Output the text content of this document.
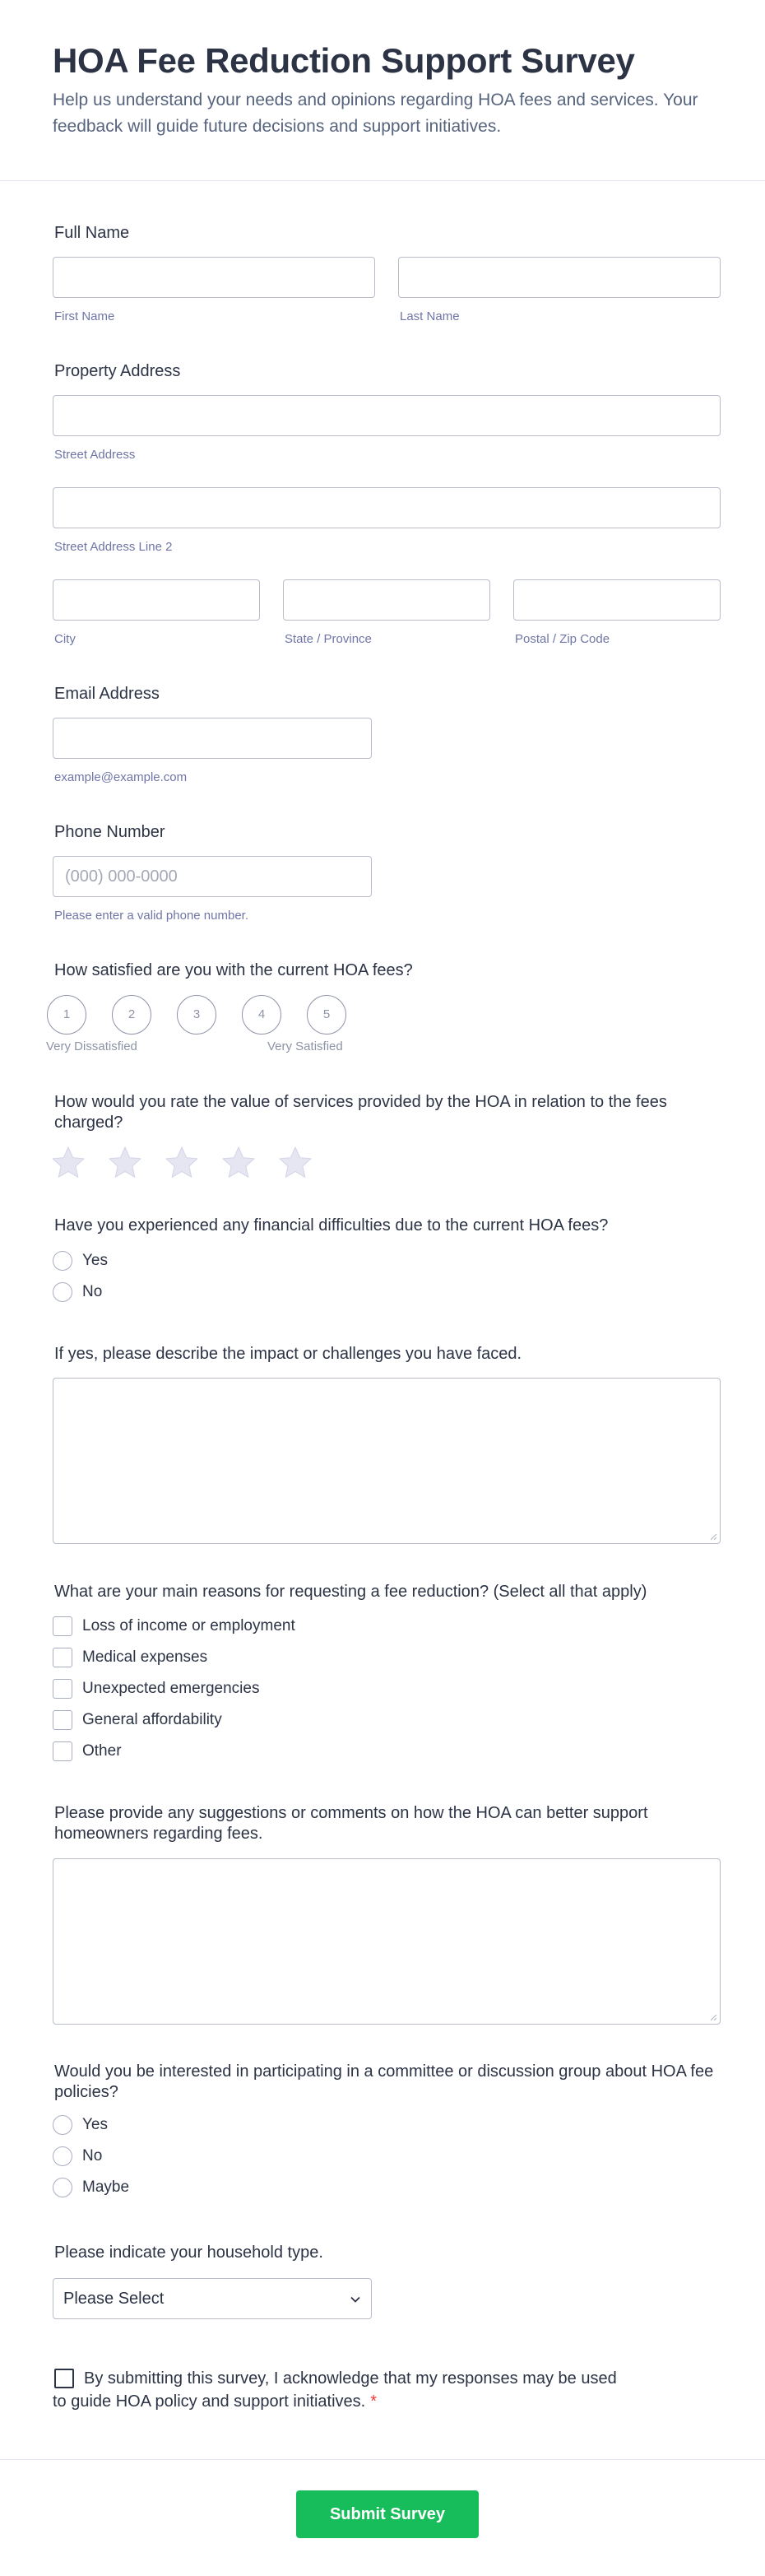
HOA Fee Reduction Support Survey
Help us understand your needs and opinions regarding HOA fees and services. Your feedback will guide future decisions and support initiatives.
Full Name
First Name	Last Name
Property Address
Street Address
Street Address Line 2
City	State / Province	Postal / Zip Code
Email Address
example@example.com
Phone Number
(000) 000-0000
Please enter a valid phone number.
How satisfied are you with the current HOA fees?
1	2	3	4	5
Very Dissatisfied	Very Satisfied
How would you rate the value of services provided by the HOA in relation to the fees charged?
Have you experienced any financial difficulties due to the current HOA fees?
Yes
No
If yes, please describe the impact or challenges you have faced.
What are your main reasons for requesting a fee reduction? (Select all that apply)
Loss of income or employment
Medical expenses
Unexpected emergencies
General affordability
Other
Please provide any suggestions or comments on how the HOA can better support homeowners regarding fees.
Would you be interested in participating in a committee or discussion group about HOA fee policies?
Yes
No
Maybe
Please indicate your household type.
Please Select
By submitting this survey, I acknowledge that my responses may be used to guide HOA policy and support initiatives. *
Submit Survey
